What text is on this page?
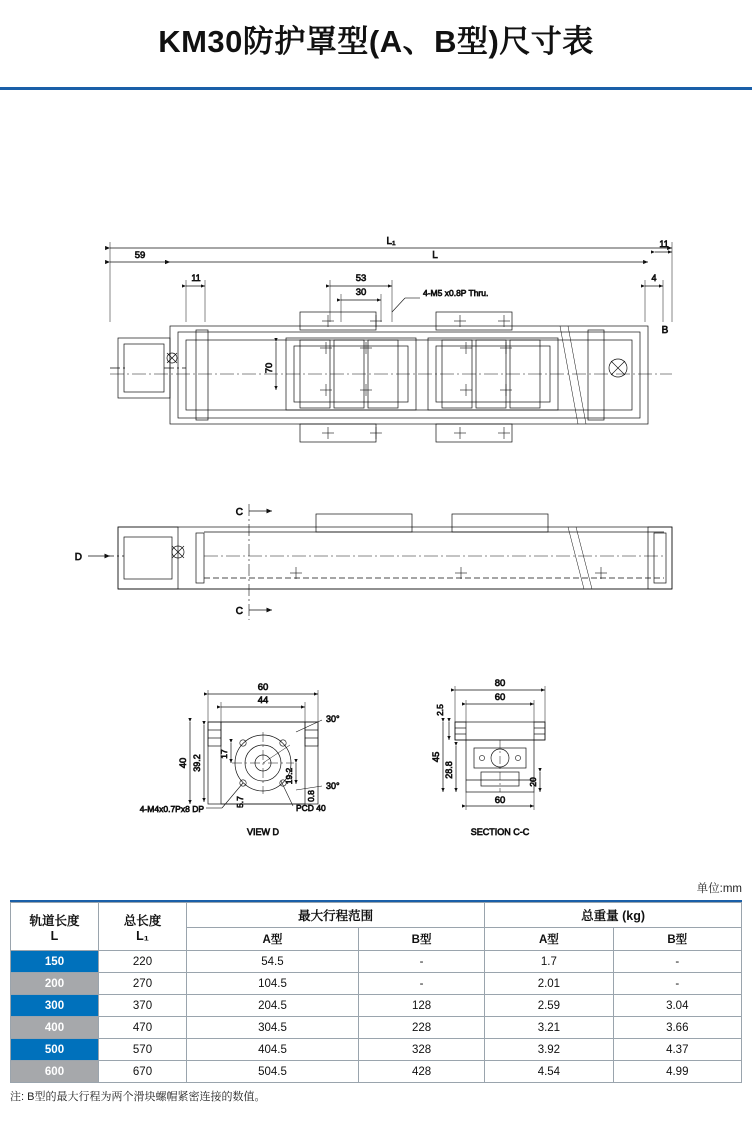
KM30防护罩型(A、B型)尺寸表
L₁
L
59
11
11
4
53
30	4-M5 x0.8P Thru.
70
B
C
C
D
60
44
40 39.2
17
19.2
5.7
0.8
30°
30°
4-M4x0.7Px8 DP	PCD 40
VIEW D
80
60
45
28.8
2.5
20
60
SECTION C-C
单位:mm
轨道长度
L

总长度
L₁
	最大行程范围	总重量 (kg)
		A型	B型	A型	B型
150	220	54.5	-	1.7	-
200	270	104.5	-	2.01	-
300	370	204.5	128	2.59	3.04
400	470	304.5	228	3.21	3.66
500	570	404.5	328	3.92	4.37
600	670	504.5	428	4.54	4.99
注: B型的最大行程为两个滑块螺帽紧密连接的数值。
